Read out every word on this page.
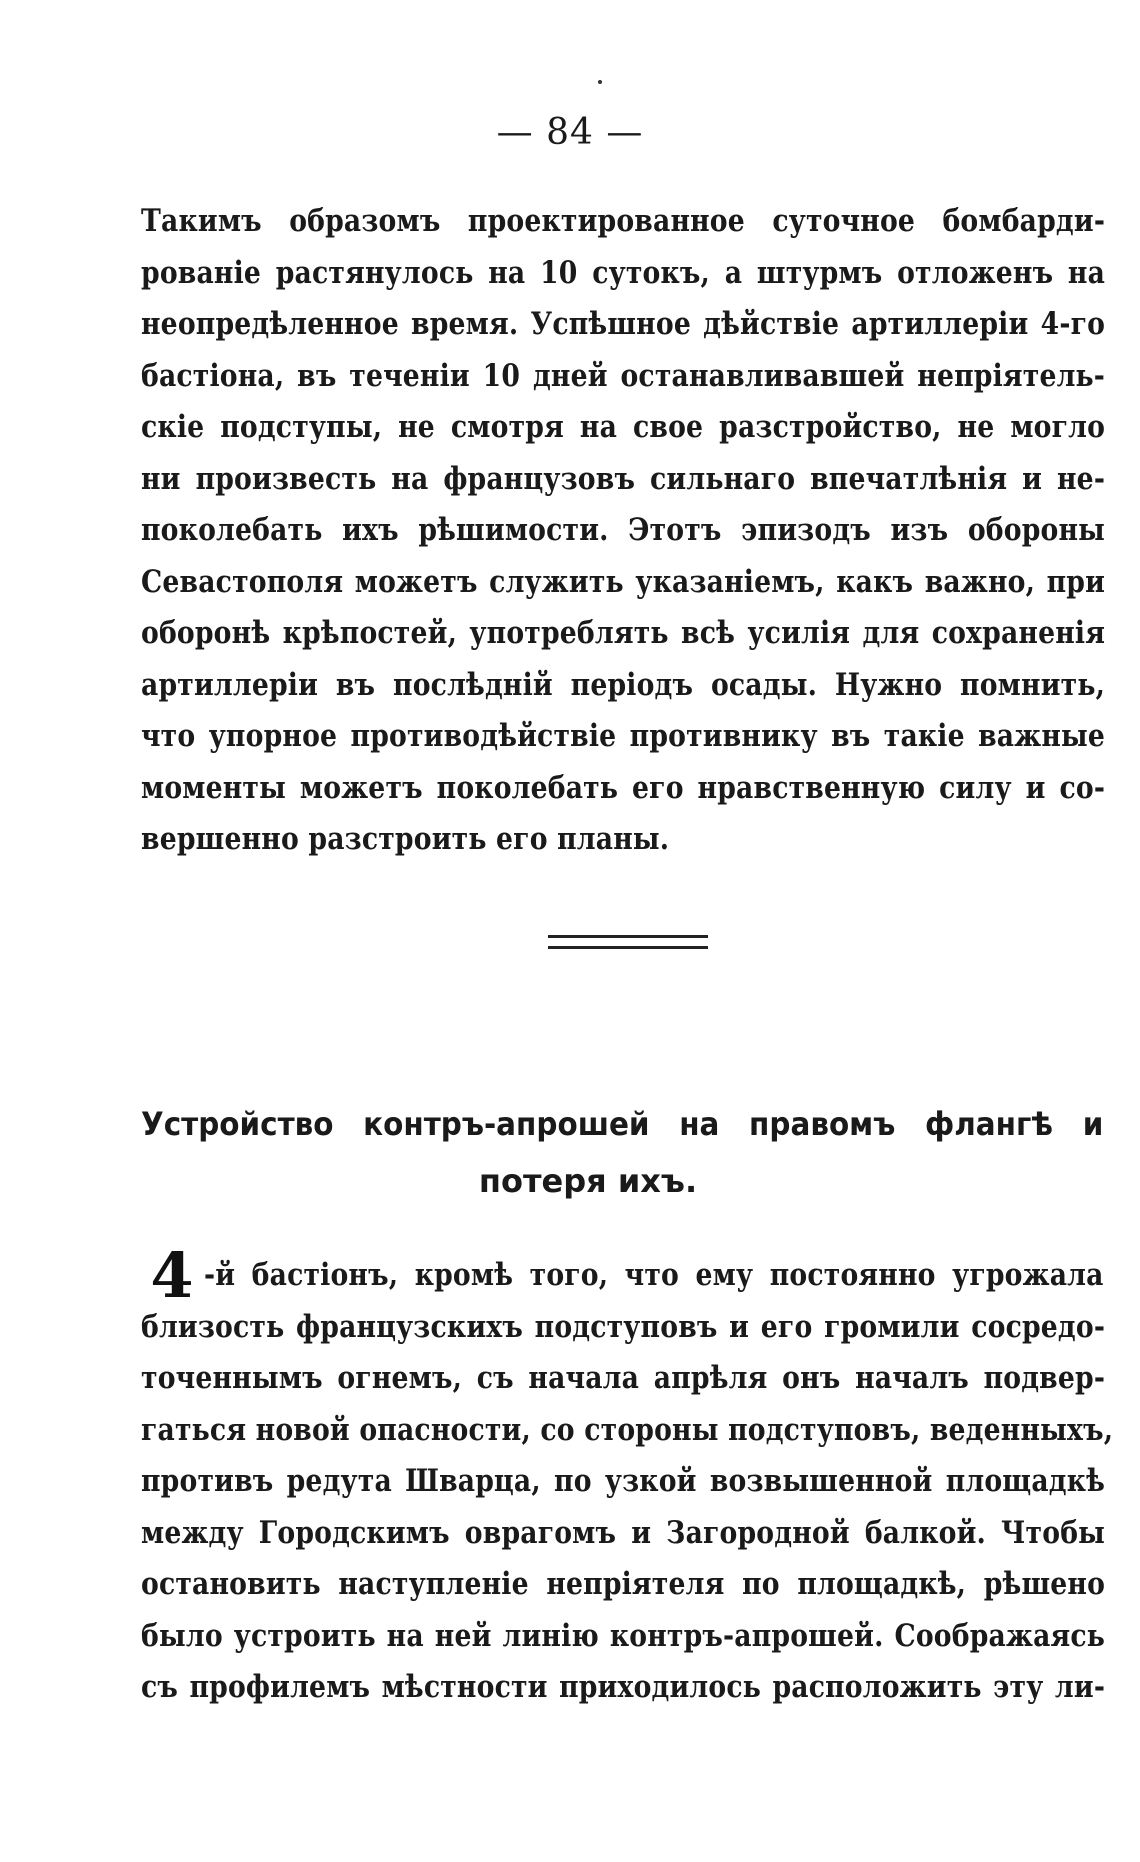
— 84 —
Такимъ образомъ проектированное суточное бомбарди-
рованіе растянулось на 10 сутокъ, а штурмъ отложенъ на
неопредѣленное время. Успѣшное дѣйствіе артиллеріи 4-го
бастіона, въ теченіи 10 дней останавливавшей непріятель-
скіе подступы, не смотря на свое разстройство, не могло
ни произвесть на французовъ сильнаго впечатлѣнія и не-
поколебать ихъ рѣшимости. Этотъ эпизодъ изъ обороны
Севастополя можетъ служить указаніемъ, какъ важно, при
оборонѣ крѣпостей, употреблять всѣ усилія для сохраненія
артиллеріи въ послѣдній періодъ осады. Нужно помнить,
что упорное противодѣйствіе противнику въ такіе важные
моменты можетъ поколебать его нравственную силу и со-
вершенно разстроить его планы.
Устройство контръ-апрошей на правомъ флангѣ и
потеря ихъ.
4 -й бастіонъ, кромѣ того, что ему постоянно угрожала
близость французскихъ подступовъ и его громили сосредо-
точеннымъ огнемъ, съ начала апрѣля онъ началъ подвер-
гаться новой опасности, со стороны подступовъ, веденныхъ,
противъ редута Шварца, по узкой возвышенной площадкѣ
между Городскимъ оврагомъ и Загородной балкой. Чтобы
остановить наступленіе непріятеля по площадкѣ, рѣшено
было устроить на ней линію контръ-апрошей. Соображаясь
съ профилемъ мѣстности приходилось расположить эту ли-
